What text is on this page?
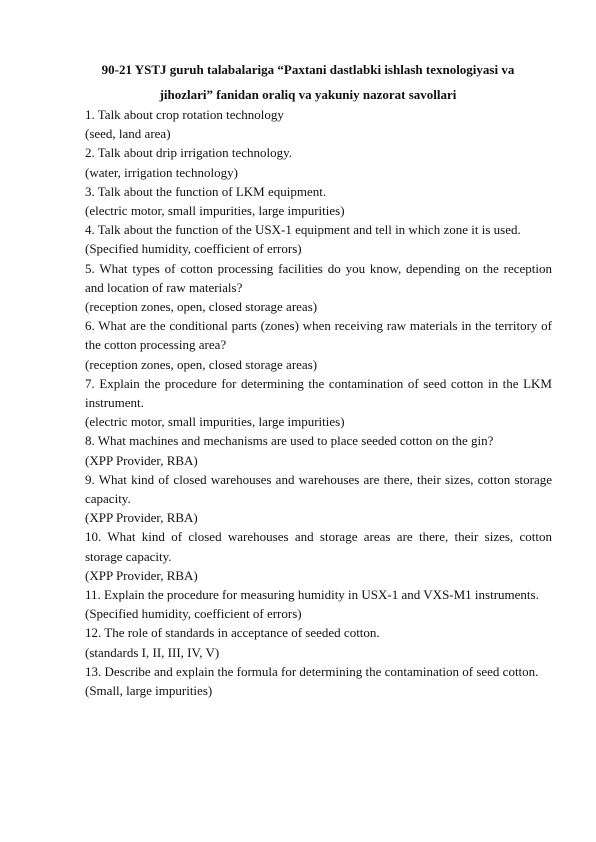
90-21 YSTJ guruh talabalariga “Paxtani dastlabki ishlash texnologiyasi va
jihozlari” fanidan oraliq va yakuniy nazorat savollari

1. Talk about crop rotation technology

(seed, land area)

2. Talk about drip irrigation technology.

(water, irrigation technology)

3. Talk about the function of LKM equipment.

(electric motor, small impurities, large impurities)

4. Talk about the function of the USX-1 equipment and tell in which zone it is used.

(Specified humidity, coefficient of errors)

5. What types of cotton processing facilities do you know, depending on the reception and location of raw materials?

(reception zones, open, closed storage areas)

6. What are the conditional parts (zones) when receiving raw materials in the territory of the cotton processing area?

(reception zones, open, closed storage areas)

7. Explain the procedure for determining the contamination of seed cotton in the LKM instrument.

(electric motor, small impurities, large impurities)

8. What machines and mechanisms are used to place seeded cotton on the gin?

(XPP Provider, RBA)

9. What kind of closed warehouses and warehouses are there, their sizes, cotton storage capacity.

(XPP Provider, RBA)

10. What kind of closed warehouses and storage areas are there, their sizes, cotton storage capacity.

(XPP Provider, RBA)

11. Explain the procedure for measuring humidity in USX-1 and VXS-M1 instruments.

(Specified humidity, coefficient of errors)

12. The role of standards in acceptance of seeded cotton.

(standards I, II, III, IV, V)

13. Describe and explain the formula for determining the contamination of seed cotton.

(Small, large impurities)
